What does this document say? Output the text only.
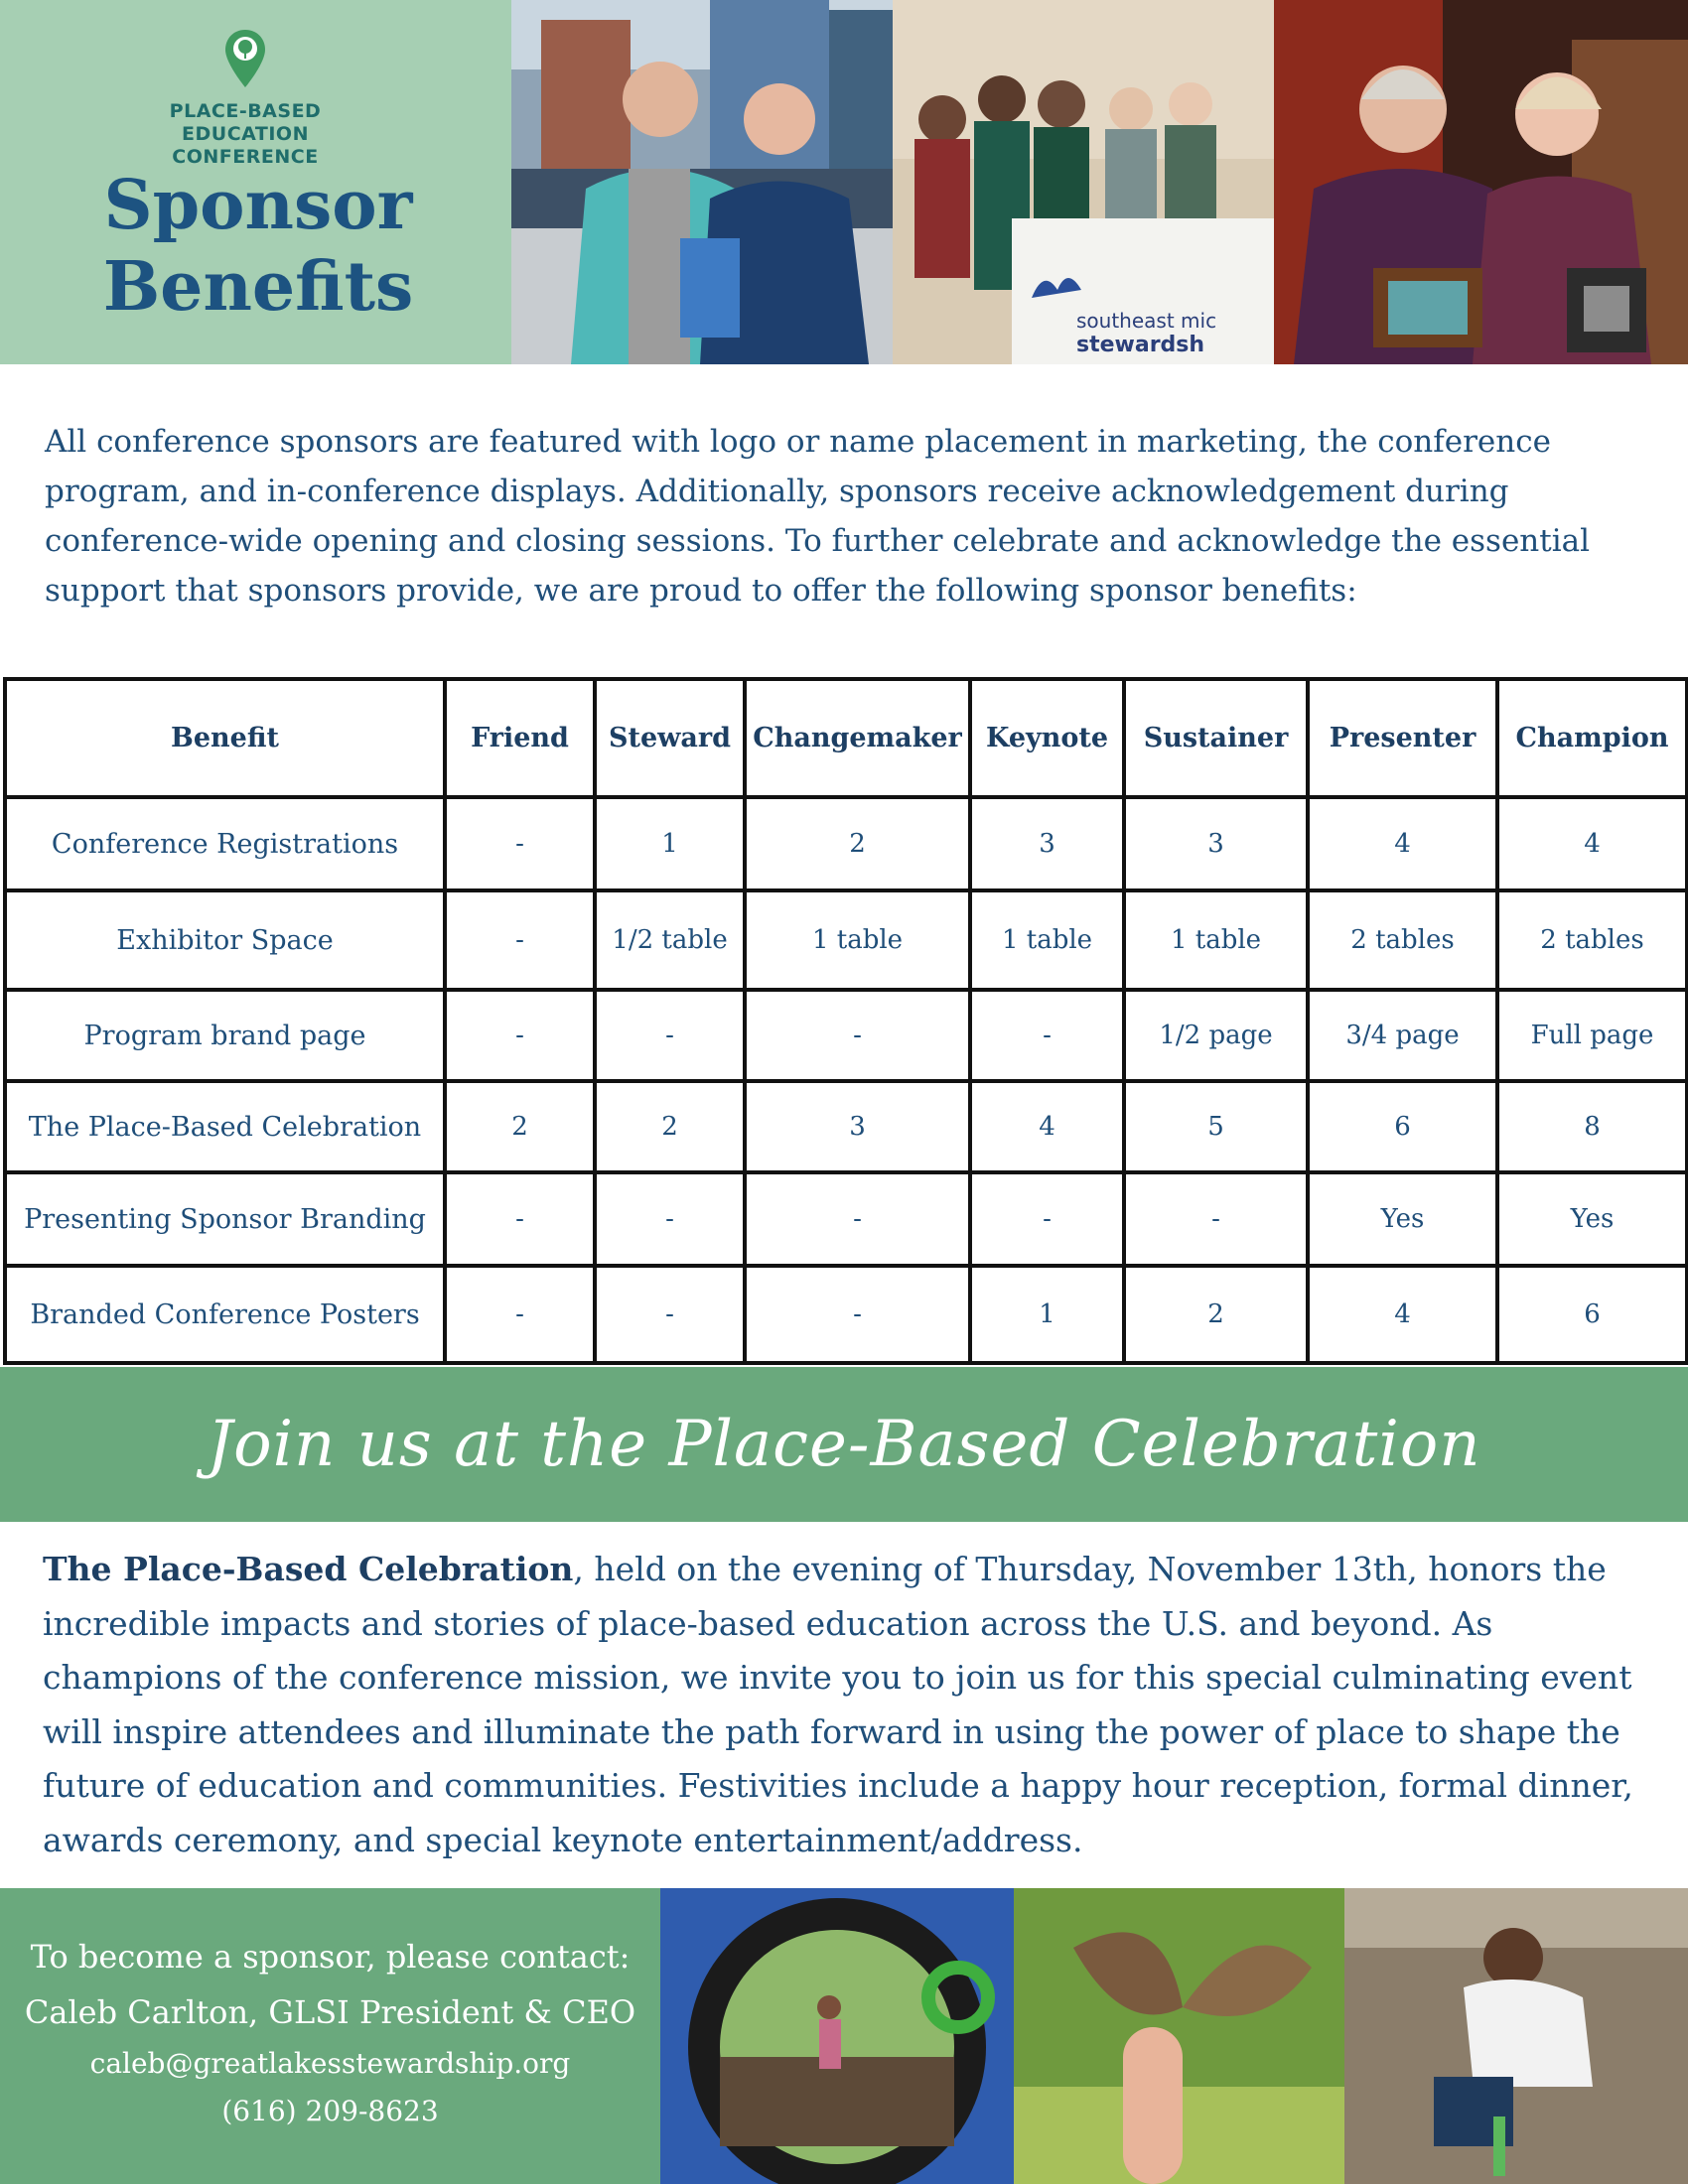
PLACE-BASED
EDUCATION
CONFERENCE
Sponsor
Benefits	southeast mic
stewardsh

All conference sponsors are featured with logo or name placement in marketing, the conference program, and in-conference displays. Additionally, sponsors receive acknowledgement during conference-wide opening and closing sessions. To further celebrate and acknowledge the essential support that sponsors provide, we are proud to offer the following sponsor benefits:

Benefit	Friend	Steward	Changemaker	Keynote	Sustainer	Presenter	Champion
Conference Registrations	-	1	2	3	3	4	4
Exhibitor Space	-	1/2 table	1 table	1 table	1 table	2 tables	2 tables
Program brand page	-	-	-	-	1/2 page	3/4 page	Full page
The Place-Based Celebration	2	2	3	4	5	6	8
Presenting Sponsor Branding	-	-	-	-	-	Yes	Yes
Branded Conference Posters	-	-	-	1	2	4	6
Join us at the Place-Based Celebration

The Place-Based Celebration, held on the evening of Thursday, November 13th, honors the incredible impacts and stories of place-based education across the U.S. and beyond. As champions of the conference mission, we invite you to join us for this special culminating event will inspire attendees and illuminate the path forward in using the power of place to shape the future of education and communities. Festivities include a happy hour reception, formal dinner, awards ceremony, and special keynote entertainment/address.

To become a sponsor, please contact:
Caleb Carlton, GLSI President & CEO
caleb@greatlakesstewardship.org
(616) 209-8623
